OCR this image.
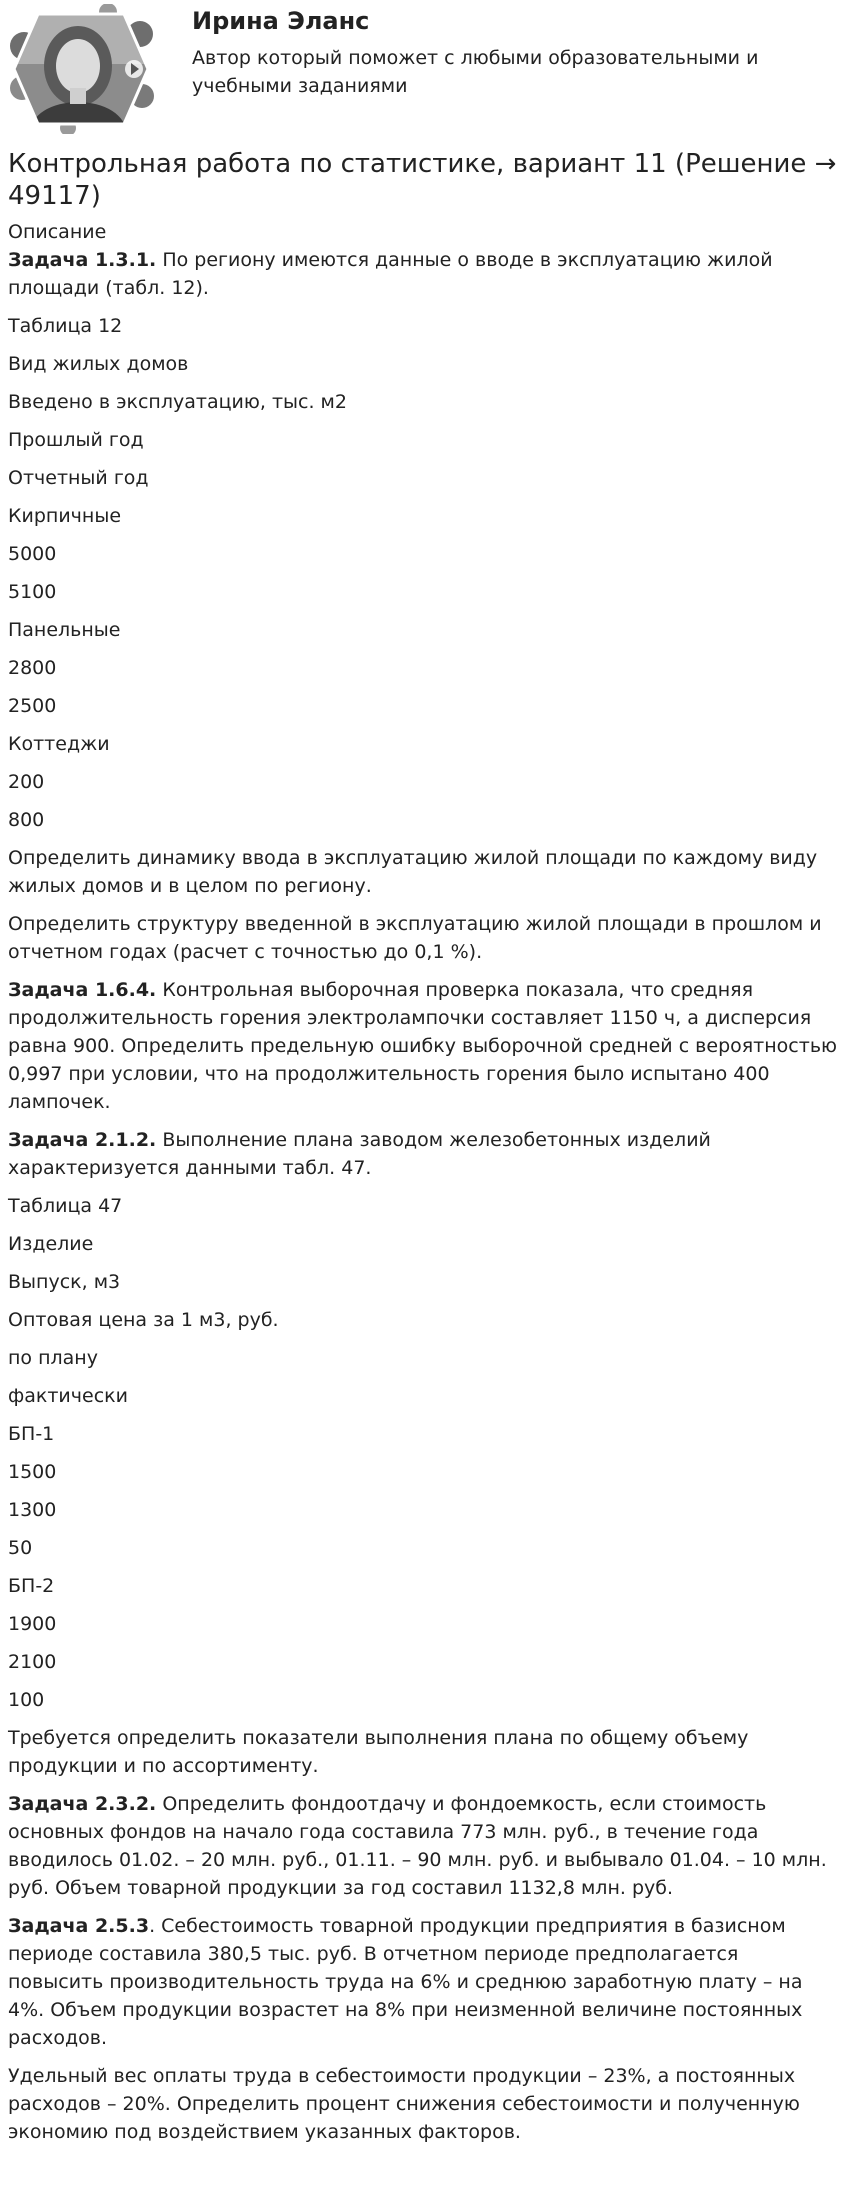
Ирина Эланс
Автор который поможет с любыми образовательными и учебными заданиями
Контрольная работа по статистике, вариант 11 (Решение → 49117)
Описание

Задача 1.3.1. По региону имеются данные о вводе в эксплуатацию жилой площади (табл. 12).

Таблица 12
Вид жилых домов
Введено в эксплуатацию, тыс. м2
Прошлый год
Отчетный год
Кирпичные
5000
5100
Панельные
2800
2500
Коттеджи
200
800

Определить динамику ввода в эксплуатацию жилой площади по каждому виду жилых домов и в целом по региону.

Определить структуру введенной в эксплуатацию жилой площади в прошлом и отчетном годах (расчет с точностью до 0,1 %).

Задача 1.6.4. Контрольная выборочная проверка показала, что средняя продолжительность горения электролампочки составляет 1150 ч, а дисперсия равна 900. Определить предельную ошибку выборочной средней с вероятностью 0,997 при условии, что на продолжительность горения было испытано 400 лампочек.

Задача 2.1.2. Выполнение плана заводом железобетонных изделий характеризуется данными табл. 47.

Таблица 47
Изделие
Выпуск, м3
Оптовая цена за 1 м3, руб.
по плану
фактически
БП-1
1500
1300
50
БП-2
1900
2100
100

Требуется определить показатели выполнения плана по общему объему продукции и по ассортименту.

Задача 2.3.2. Определить фондоотдачу и фондоемкость, если стоимость основных фондов на начало года составила 773 млн. руб., в течение года вводилось 01.02. – 20 млн. руб., 01.11. – 90 млн. руб. и выбывало 01.04. – 10 млн. руб. Объем товарной продукции за год составил 1132,8 млн. руб.

Задача 2.5.3. Себестоимость товарной продукции предприятия в базисном периоде составила 380,5 тыс. руб. В отчетном периоде предполагается повысить производительность труда на 6% и среднюю заработную плату – на 4%. Объем продукции возрастет на 8% при неизменной величине постоянных расходов.

Удельный вес оплаты труда в себестоимости продукции – 23%, а постоянных расходов – 20%. Определить процент снижения себестоимости и полученную экономию под воздействием указанных факторов.
